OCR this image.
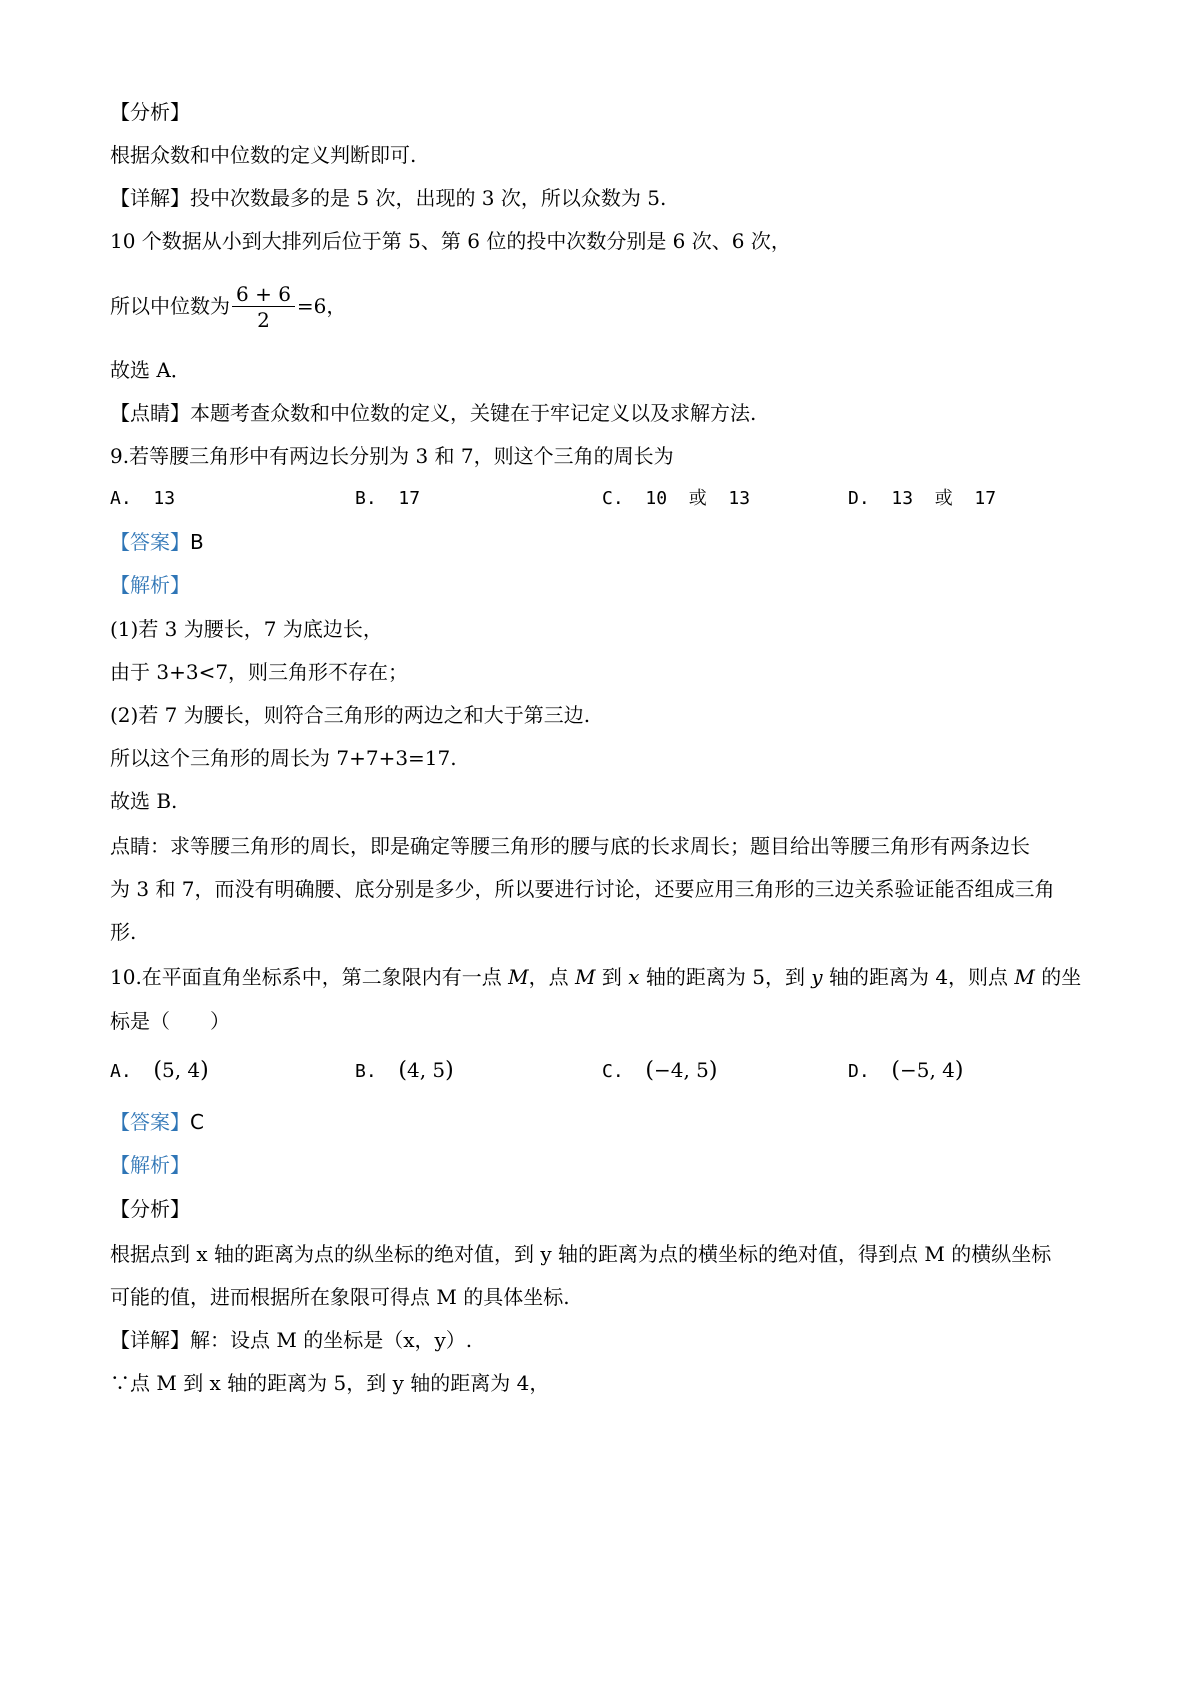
【分析】
根据众数和中位数的定义判断即可.
【详解】投中次数最多的是 5 次，出现的 3 次，所以众数为 5.
10 个数据从小到大排列后位于第 5、第 6 位的投中次数分别是 6 次、6 次，
所以中位数为 $\frac{6 + 6}{2} =6$，
故选 A．
【点睛】本题考查众数和中位数的定义，关键在于牢记定义以及求解方法.
9.若等腰三角形中有两边长分别为 3 和 7，则这个三角的周长为
A. 13	B. 17	C. 10  或  13	D. 13  或  17
【答案】B
【解析】
(1)若 3 为腰长，7 为底边长，
由于 3+3<7，则三角形不存在；
(2)若 7 为腰长，则符合三角形的两边之和大于第三边.
所以这个三角形的周长为 7+7+3=17.
故选 B.
点睛：求等腰三角形的周长，即是确定等腰三角形的腰与底的长求周长；题目给出等腰三角形有两条边长
为 3 和 7，而没有明确腰、底分别是多少，所以要进行讨论，还要应用三角形的三边关系验证能否组成三角
形.
10.在平面直角坐标系中，第二象限内有一点 M，点 M 到 x 轴的距离为 5，到 y 轴的距离为 4，则点 M 的坐
标是（　　）
A. (5, 4)	B. (4, 5)	C. (−4, 5)	D. (−5, 4)
【答案】C
【解析】
【分析】
根据点到 x 轴的距离为点的纵坐标的绝对值，到 y 轴的距离为点的横坐标的绝对值，得到点 M 的横纵坐标
可能的值，进而根据所在象限可得点 M 的具体坐标.
【详解】解：设点 M 的坐标是（x，y）.
∵点 M 到 x 轴的距离为 5，到 y 轴的距离为 4，
